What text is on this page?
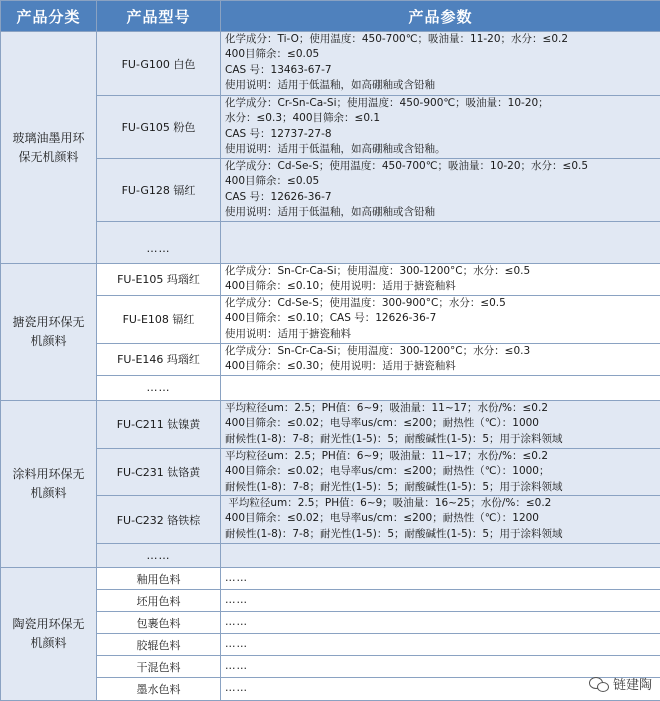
产品分类	产品型号	产品参数
玻璃油墨用环保无机颜料	FU-G100 白色	化学成分：Ti-O；使用温度：450-700℃；吸油量：11-20；水分：≤0.2
400目筛余：≤0.05
CAS 号：13463-67-7
使用说明：适用于低温釉，如高硼釉或含铅釉
	FU-G105 粉色	化学成分：Cr-Sn-Ca-Si；使用温度：450-900℃；吸油量：10-20；
水分：≤0.3；400目筛余：≤0.1
CAS 号：12737-27-8
使用说明：适用于低温釉，如高硼釉或含铅釉。
	FU-G128 镉红	化学成分：Cd-Se-S；使用温度：450-700℃；吸油量：10-20；水分：≤0.5
400目筛余：≤0.05
CAS 号：12626-36-7
使用说明：适用于低温釉，如高硼釉或含铅釉
	……	
搪瓷用环保无机颜料	FU-E105 玛瑙红	化学成分：Sn-Cr-Ca-Si；使用温度：300-1200°C；水分：≤0.5
400目筛余：≤0.10；使用说明：适用于搪瓷釉料
	FU-E108 镉红	化学成分：Cd-Se-S；使用温度：300-900°C；水分：≤0.5
400目筛余：≤0.10；CAS 号：12626-36-7
使用说明：适用于搪瓷釉料
	FU-E146 玛瑙红	化学成分：Sn-Cr-Ca-Si；使用温度：300-1200°C；水分：≤0.3
400目筛余：≤0.30；使用说明：适用于搪瓷釉料
	……	
涂料用环保无机颜料	FU-C211 钛镍黄	平均粒径um：2.5；PH值：6~9；吸油量：11~17；水份/%：≤0.2
400目筛余：≤0.02；电导率us/cm：≤200；耐热性（℃）：1000
耐候性(1-8)：7-8；耐光性(1-5)：5；耐酸碱性(1-5)：5；用于涂料领域
	FU-C231 钛铬黄	平均粒径um：2.5；PH值：6~9；吸油量：11~17；水份/%：≤0.2
400目筛余：≤0.02；电导率us/cm：≤200；耐热性（℃）：1000；
耐候性(1-8)：7-8；耐光性(1-5)：5；耐酸碱性(1-5)：5；用于涂料领域
	FU-C232 铬铁棕	平均粒径um：2.5；PH值：6~9；吸油量：16~25；水份/%：≤0.2
400目筛余：≤0.02；电导率us/cm：≤200；耐热性（℃）：1200
耐候性(1-8)：7-8；耐光性(1-5)：5；耐酸碱性(1-5)：5；用于涂料领域
	……	
陶瓷用环保无机颜料	釉用色料	……
	坯用色料	……
	包裹色料	……
	胶辊色料	……
	干混色料	……
	墨水色料	……	链建陶
